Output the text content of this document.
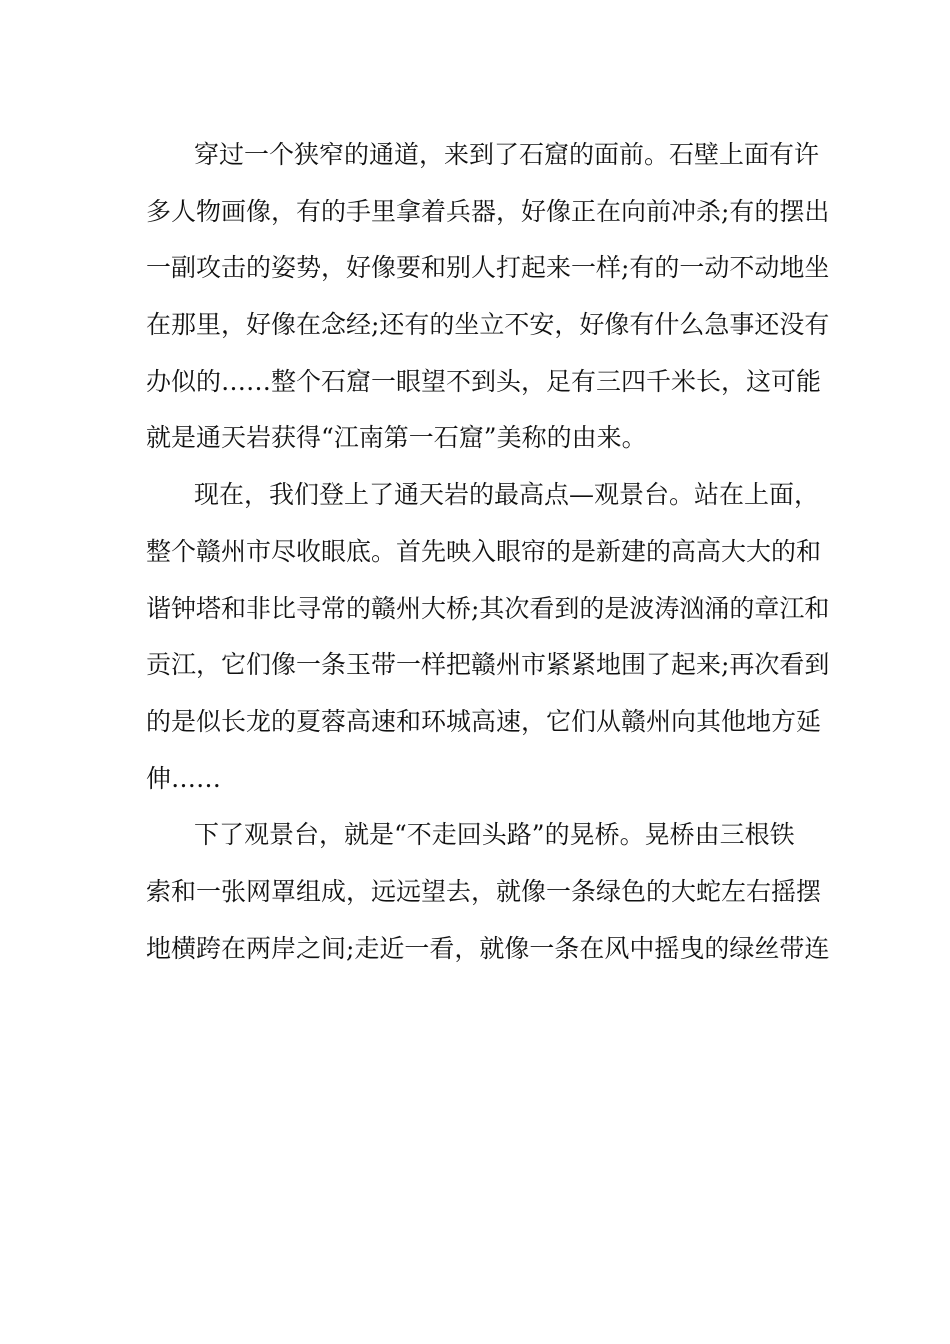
穿过一个狭窄的通道，来到了石窟的面前。石壁上面有许
多人物画像，有的手里拿着兵器，好像正在向前冲杀;有的摆出
一副攻击的姿势，好像要和别人打起来一样;有的一动不动地坐
在那里，好像在念经;还有的坐立不安，好像有什么急事还没有
办似的……整个石窟一眼望不到头，足有三四千米长，这可能
就是通天岩获得“江南第一石窟”美称的由来。
现在，我们登上了通天岩的最高点—观景台。站在上面，
整个赣州市尽收眼底。首先映入眼帘的是新建的高高大大的和
谐钟塔和非比寻常的赣州大桥;其次看到的是波涛汹涌的章江和
贡江，它们像一条玉带一样把赣州市紧紧地围了起来;再次看到
的是似长龙的夏蓉高速和环城高速，它们从赣州向其他地方延
伸……
下了观景台，就是“不走回头路”的晃桥。晃桥由三根铁
索和一张网罩组成，远远望去，就像一条绿色的大蛇左右摇摆
地横跨在两岸之间;走近一看，就像一条在风中摇曳的绿丝带连
